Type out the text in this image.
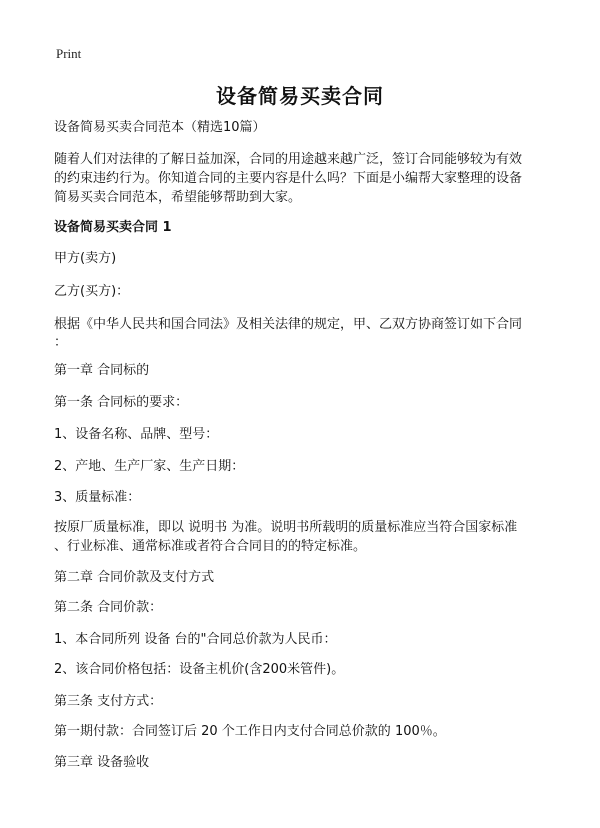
Print
设备简易买卖合同

设备简易买卖合同范本（精选10篇）

随着人们对法律的了解日益加深，合同的用途越来越广泛，签订合同能够较为有效

的约束违约行为。你知道合同的主要内容是什么吗？下面是小编帮大家整理的设备

简易买卖合同范本，希望能够帮助到大家。

设备简易买卖合同 1

甲方(卖方)

乙方(买方)：

根据《中华人民共和国合同法》及相关法律的规定，甲、乙双方协商签订如下合同

：

第一章 合同标的

第一条 合同标的要求：

1、设备名称、品牌、型号：

2、产地、生产厂家、生产日期：

3、质量标准：

按原厂质量标准，即以 说明书 为准。说明书所载明的质量标准应当符合国家标准

、行业标准、通常标准或者符合合同目的的特定标准。

第二章 合同价款及支付方式

第二条 合同价款：

1、本合同所列 设备 台的"合同总价款为人民币：

2、该合同价格包括：设备主机价(含200米管件)。

第三条 支付方式：

第一期付款：合同签订后 20 个工作日内支付合同总价款的 100％。

第三章 设备验收
